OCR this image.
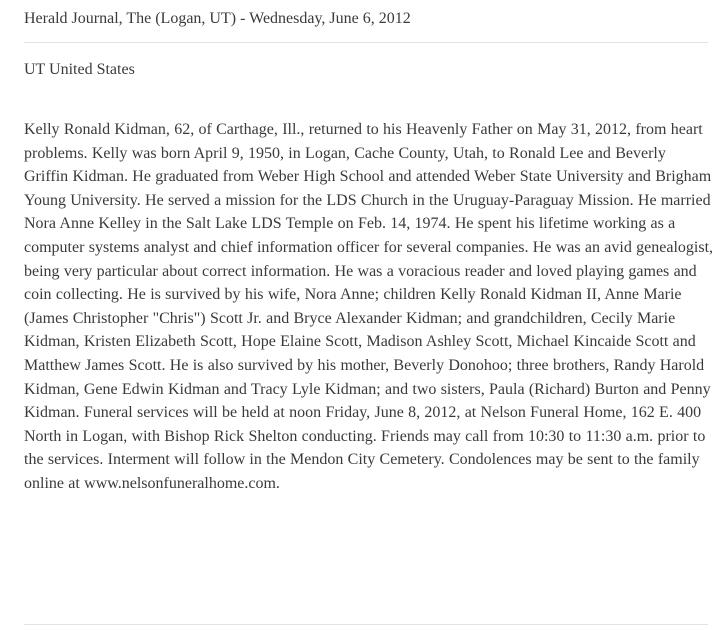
Herald Journal, The (Logan, UT) - Wednesday, June 6, 2012
UT United States

Kelly Ronald Kidman, 62, of Carthage, Ill., returned to his Heavenly Father on May 31, 2012, from heart problems. Kelly was born April 9, 1950, in Logan, Cache County, Utah, to Ronald Lee and Beverly Griffin Kidman. He graduated from Weber High School and attended Weber State University and Brigham Young University. He served a mission for the LDS Church in the Uruguay-Paraguay Mission. He married Nora Anne Kelley in the Salt Lake LDS Temple on Feb. 14, 1974. He spent his lifetime working as a computer systems analyst and chief information officer for several companies. He was an avid genealogist, being very particular about correct information. He was a voracious reader and loved playing games and coin collecting. He is survived by his wife, Nora Anne; children Kelly Ronald Kidman II, Anne Marie (James Christopher "Chris") Scott Jr. and Bryce Alexander Kidman; and grandchildren, Cecily Marie Kidman, Kristen Elizabeth Scott, Hope Elaine Scott, Madison Ashley Scott, Michael Kincaide Scott and Matthew James Scott. He is also survived by his mother, Beverly Donohoo; three brothers, Randy Harold Kidman, Gene Edwin Kidman and Tracy Lyle Kidman; and two sisters, Paula (Richard) Burton and Penny Kidman. Funeral services will be held at noon Friday, June 8, 2012, at Nelson Funeral Home, 162 E. 400 North in Logan, with Bishop Rick Shelton conducting. Friends may call from 10:30 to 11:30 a.m. prior to the services. Interment will follow in the Mendon City Cemetery. Condolences may be sent to the family online at www.nelsonfuneralhome.com.
